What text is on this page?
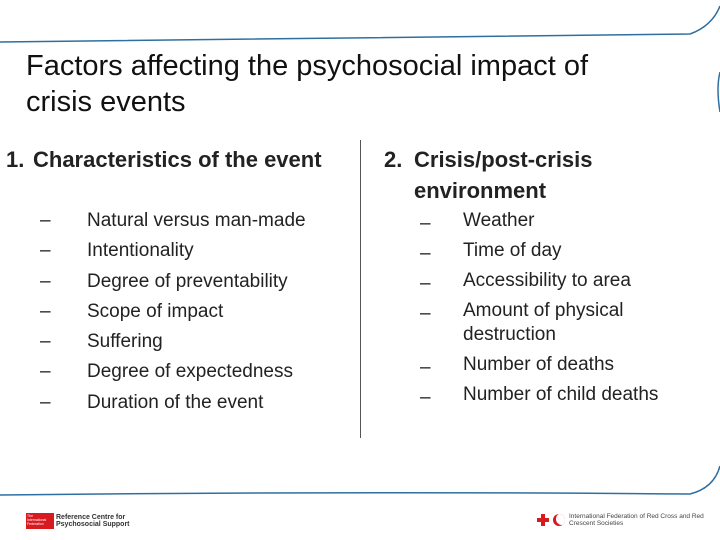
Factors affecting the psychosocial impact of crisis events
1. Characteristics of the event	2. Crisis/post-crisis environment
– Natural versus man-made
– Intentionality
– Degree of preventability
– Scope of impact
– Suffering
– Degree of expectedness
– Duration of the event
– Weather
– Time of day
– Accessibility to area
– Amount of physical destruction
– Number of deaths
– Number of child deaths
The International Federation
Reference Centre for Psychosocial Support
International Federation of Red Cross and Red Crescent Societies
